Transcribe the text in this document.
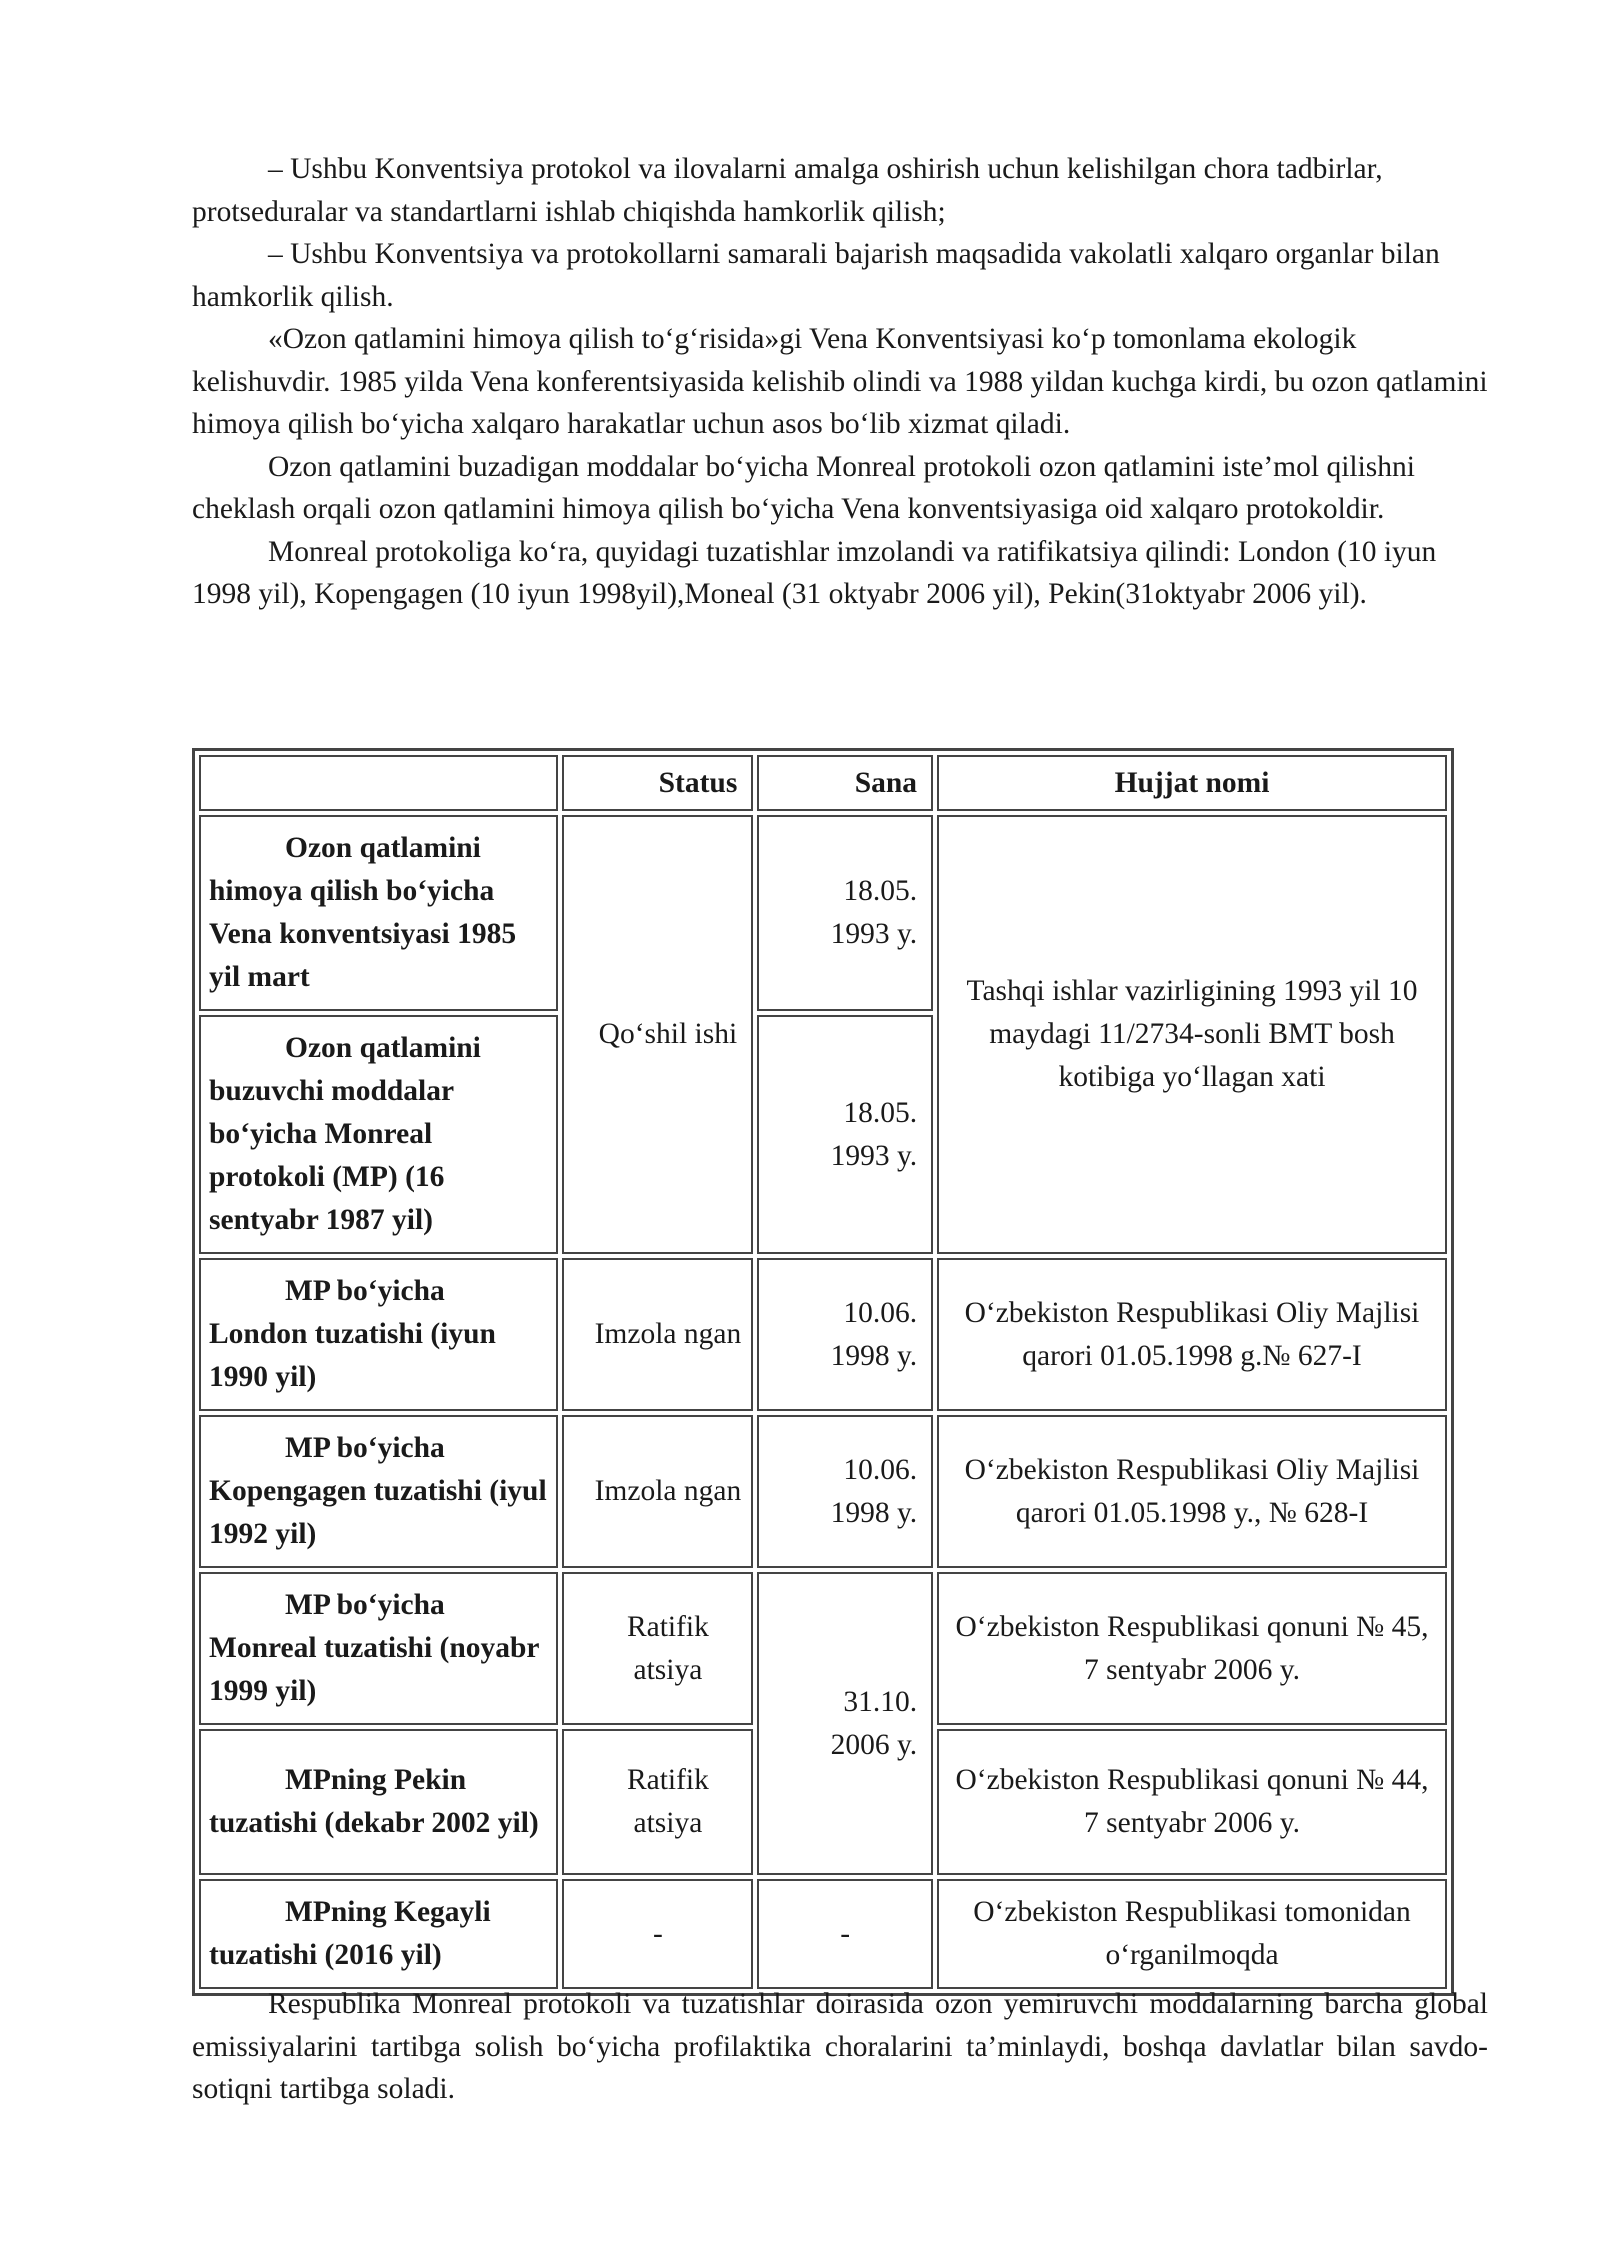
– Ushbu Konventsiya protokol va ilovalarni amalga oshirish uchun kelishilgan chora tadbirlar, protseduralar va standartlarni ishlab chiqishda hamkorlik qilish;

– Ushbu Konventsiya va protokollarni samarali bajarish maqsadida vakolatli xalqaro organlar bilan hamkorlik qilish.

«Ozon qatlamini himoya qilish to‘g‘risida»gi Vena Konventsiyasi ko‘p tomonlama ekologik kelishuvdir. 1985 yilda Vena konferentsiyasida kelishib olindi va 1988 yildan kuchga kirdi, bu ozon qatlamini himoya qilish bo‘yicha xalqaro harakatlar uchun asos bo‘lib xizmat qiladi.

Ozon qatlamini buzadigan moddalar bo‘yicha Monreal protokoli ozon qatlamini iste’mol qilishni cheklash orqali ozon qatlamini himoya qilish bo‘yicha Vena konventsiyasiga oid xalqaro protokoldir.

Monreal protokoliga ko‘ra, quyidagi tuzatishlar imzolandi va ratifikatsiya qilindi: London (10 iyun 1998 yil), Kopengagen (10 iyun 1998yil),Moneal (31 oktyabr 2006 yil), Pekin(31oktyabr 2006 yil).

	Status	Sana	Hujjat nomi

Ozon qatlamini himoya qilish bo‘yicha Vena konventsiyasi 1985 yil mart	Qo‘shil ishi	18.05. 1993 y.	Tashqi ishlar vazirligining 1993 yil 10 maydagi 11/2734-sonli BMT bosh kotibiga yo‘llagan xati

Ozon qatlamini buzuvchi moddalar bo‘yicha Monreal protokoli (MP) (16 sentyabr 1987 yil)		18.05. 1993 y.	

MP bo‘yicha London tuzatishi (iyun 1990 yil)	Imzola ngan	10.06. 1998 y.	O‘zbekiston Respublikasi Oliy Majlisi qarori 01.05.1998 g.№ 627-I

MP bo‘yicha Kopengagen tuzatishi (iyul 1992 yil)	Imzola ngan	10.06. 1998 y.	O‘zbekiston Respublikasi Oliy Majlisi qarori 01.05.1998 y., № 628-I

MP bo‘yicha Monreal tuzatishi (noyabr 1999 yil)	Ratifik atsiya	31.10. 2006 y.	O‘zbekiston Respublikasi qonuni № 45, 7 sentyabr 2006 y.

MPning Pekin tuzatishi (dekabr 2002 yil)	Ratifik atsiya		O‘zbekiston Respublikasi qonuni № 44, 7 sentyabr 2006 y.

MPning Kegayli tuzatishi (2016 yil)	-	-	O‘zbekiston Respublikasi tomonidan o‘rganilmoqda

Respublika Monreal protokoli va tuzatishlar doirasida ozon yemiruvchi moddalarning barcha global emissiyalarini tartibga solish bo‘yicha profilaktika choralarini ta’minlaydi, boshqa davlatlar bilan savdo-sotiqni tartibga soladi.
